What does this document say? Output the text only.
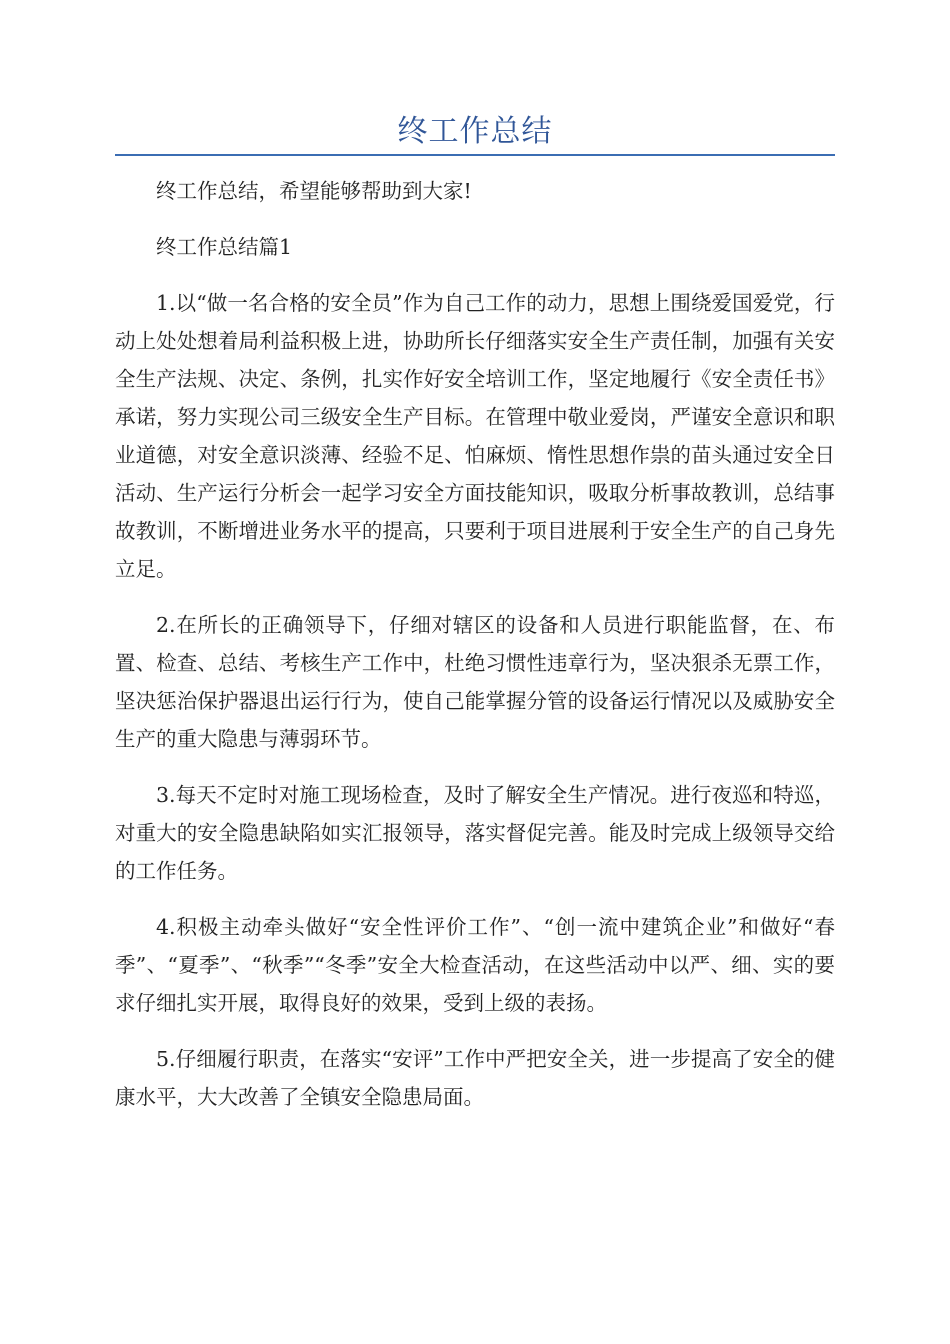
终工作总结

终工作总结，希望能够帮助到大家!

终工作总结篇1

1.以“做一名合格的安全员”作为自己工作的动力，思想上围绕爱国爱党，行动上处处想着局利益积极上进，协助所长仔细落实安全生产责任制，加强有关安全生产法规、决定、条例，扎实作好安全培训工作，坚定地履行《安全责任书》承诺，努力实现公司三级安全生产目标。在管理中敬业爱岗，严谨安全意识和职业道德，对安全意识淡薄、经验不足、怕麻烦、惰性思想作祟的苗头通过安全日活动、生产运行分析会一起学习安全方面技能知识，吸取分析事故教训，总结事故教训，不断增进业务水平的提高，只要利于项目进展利于安全生产的自己身先立足。

2.在所长的正确领导下，仔细对辖区的设备和人员进行职能监督，在、布置、检查、总结、考核生产工作中，杜绝习惯性违章行为，坚决狠杀无票工作，坚决惩治保护器退出运行行为，使自己能掌握分管的设备运行情况以及威胁安全生产的重大隐患与薄弱环节。

3.每天不定时对施工现场检查，及时了解安全生产情况。进行夜巡和特巡，对重大的安全隐患缺陷如实汇报领导，落实督促完善。能及时完成上级领导交给的工作任务。

4.积极主动牵头做好“安全性评价工作”、“创一流中建筑企业”和做好“春季”、“夏季”、“秋季”“冬季”安全大检查活动，在这些活动中以严、细、实的要求仔细扎实开展，取得良好的效果，受到上级的表扬。

5.仔细履行职责，在落实“安评”工作中严把安全关，进一步提高了安全的健康水平，大大改善了全镇安全隐患局面。
